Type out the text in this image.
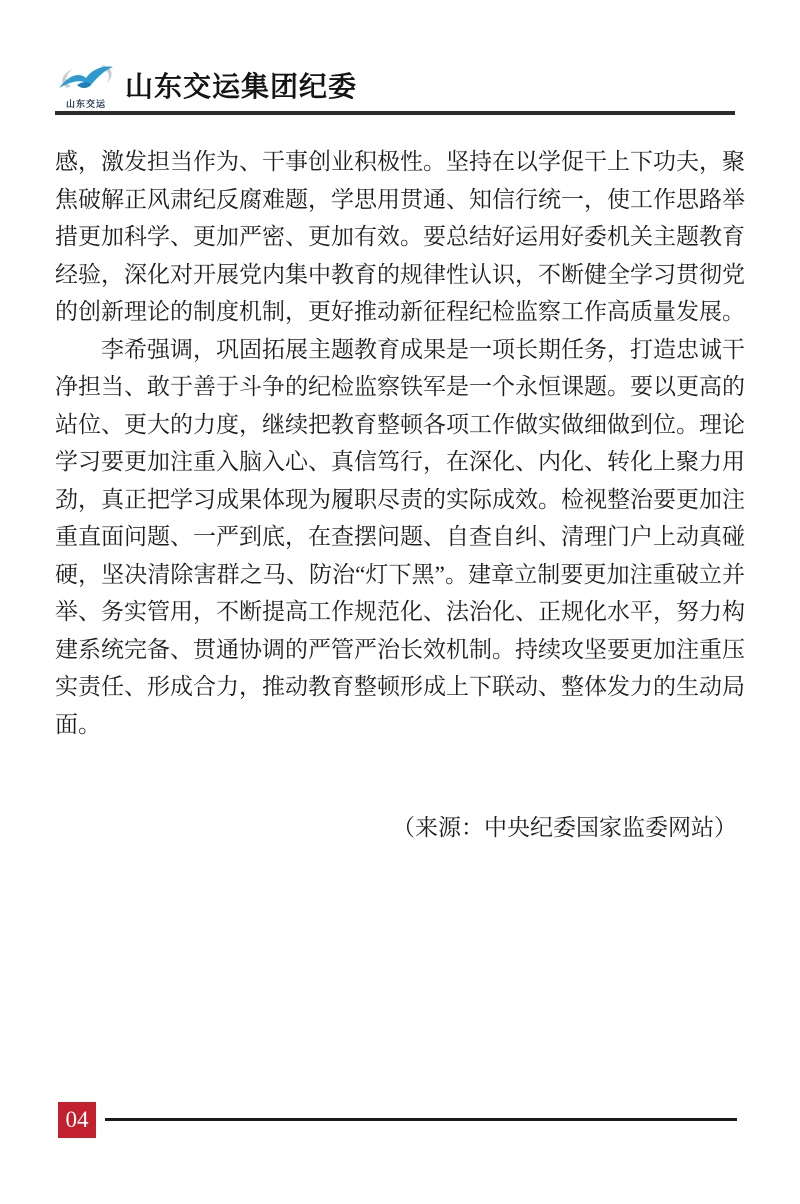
山东交运
山东交运集团纪委

感，激发担当作为、干事创业积极性。坚持在以学促干上下功夫，聚焦破解正风肃纪反腐难题，学思用贯通、知信行统一，使工作思路举措更加科学、更加严密、更加有效。要总结好运用好委机关主题教育经验，深化对开展党内集中教育的规律性认识，不断健全学习贯彻党的创新理论的制度机制，更好推动新征程纪检监察工作高质量发展。

李希强调，巩固拓展主题教育成果是一项长期任务，打造忠诚干净担当、敢于善于斗争的纪检监察铁军是一个永恒课题。要以更高的站位、更大的力度，继续把教育整顿各项工作做实做细做到位。理论学习要更加注重入脑入心、真信笃行，在深化、内化、转化上聚力用劲，真正把学习成果体现为履职尽责的实际成效。检视整治要更加注重直面问题、一严到底，在查摆问题、自查自纠、清理门户上动真碰硬，坚决清除害群之马、防治“灯下黑”。建章立制要更加注重破立并举、务实管用，不断提高工作规范化、法治化、正规化水平，努力构建系统完备、贯通协调的严管严治长效机制。持续攻坚要更加注重压实责任、形成合力，推动教育整顿形成上下联动、整体发力的生动局面。

（来源：中央纪委国家监委网站）

04
